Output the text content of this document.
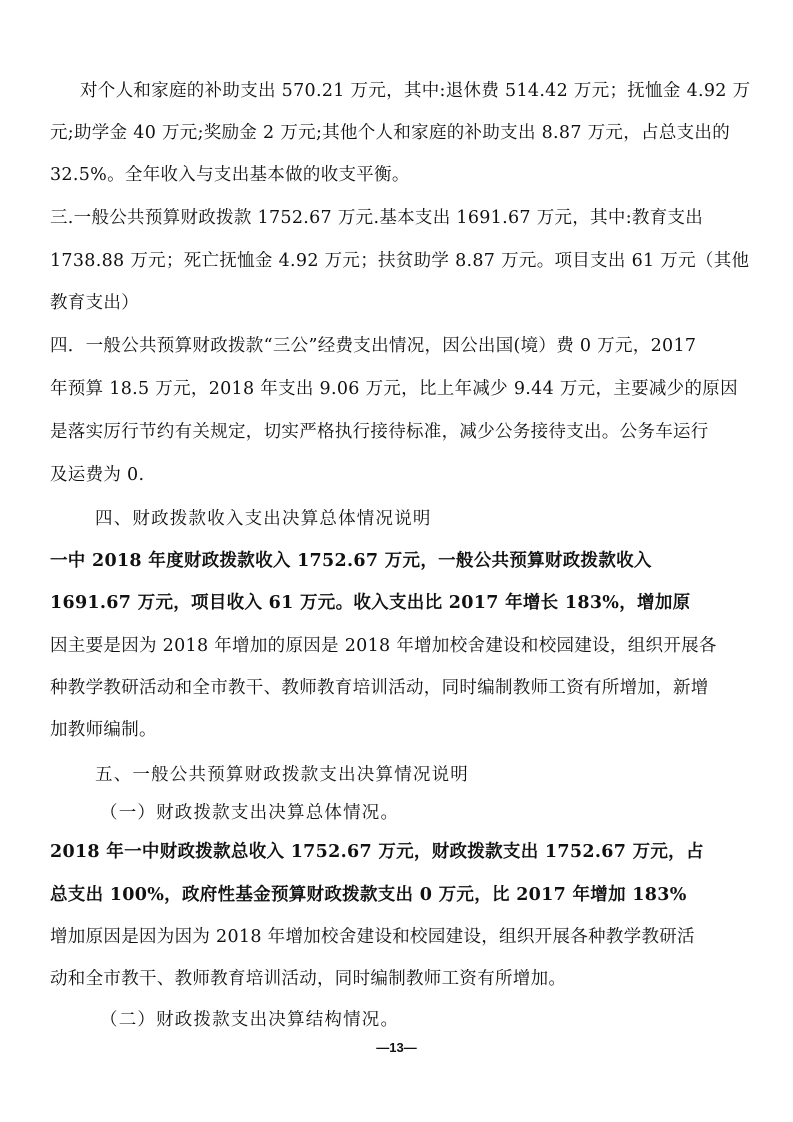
对个人和家庭的补助支出 570.21 万元，其中:退休费 514.42 万元；抚恤金 4.92 万
元;助学金 40 万元;奖励金 2 万元;其他个人和家庭的补助支出 8.87 万元，占总支出的
32.5%。全年收入与支出基本做的收支平衡。
三.一般公共预算财政拨款 1752.67 万元.基本支出 1691.67 万元，其中:教育支出
1738.88 万元；死亡抚恤金 4.92 万元；扶贫助学 8.87 万元。项目支出 61 万元（其他
教育支出）
四．一般公共预算财政拨款“三公”经费支出情况，因公出国(境）费 0 万元，2017
年预算 18.5 万元，2018 年支出 9.06 万元，比上年减少 9.44 万元，主要减少的原因
是落实厉行节约有关规定，切实严格执行接待标准，减少公务接待支出。公务车运行
及运费为 0.
四、财政拨款收入支出决算总体情况说明
一中 2018 年度财政拨款收入 1752.67 万元，一般公共预算财政拨款收入
1691.67 万元，项目收入 61 万元。收入支出比 2017 年增长 183%，增加原
因主要是因为 2018 年增加的原因是 2018 年增加校舍建设和校园建设，组织开展各
种教学教研活动和全市教干、教师教育培训活动，同时编制教师工资有所增加，新增
加教师编制。
五、一般公共预算财政拨款支出决算情况说明
（一）财政拨款支出决算总体情况。
2018 年一中财政拨款总收入 1752.67 万元，财政拨款支出 1752.67 万元，占
总支出 100%，政府性基金预算财政拨款支出 0 万元，比 2017 年增加 183%
增加原因是因为因为 2018 年增加校舍建设和校园建设，组织开展各种教学教研活
动和全市教干、教师教育培训活动，同时编制教师工资有所增加。
（二）财政拨款支出决算结构情况。
—13—
